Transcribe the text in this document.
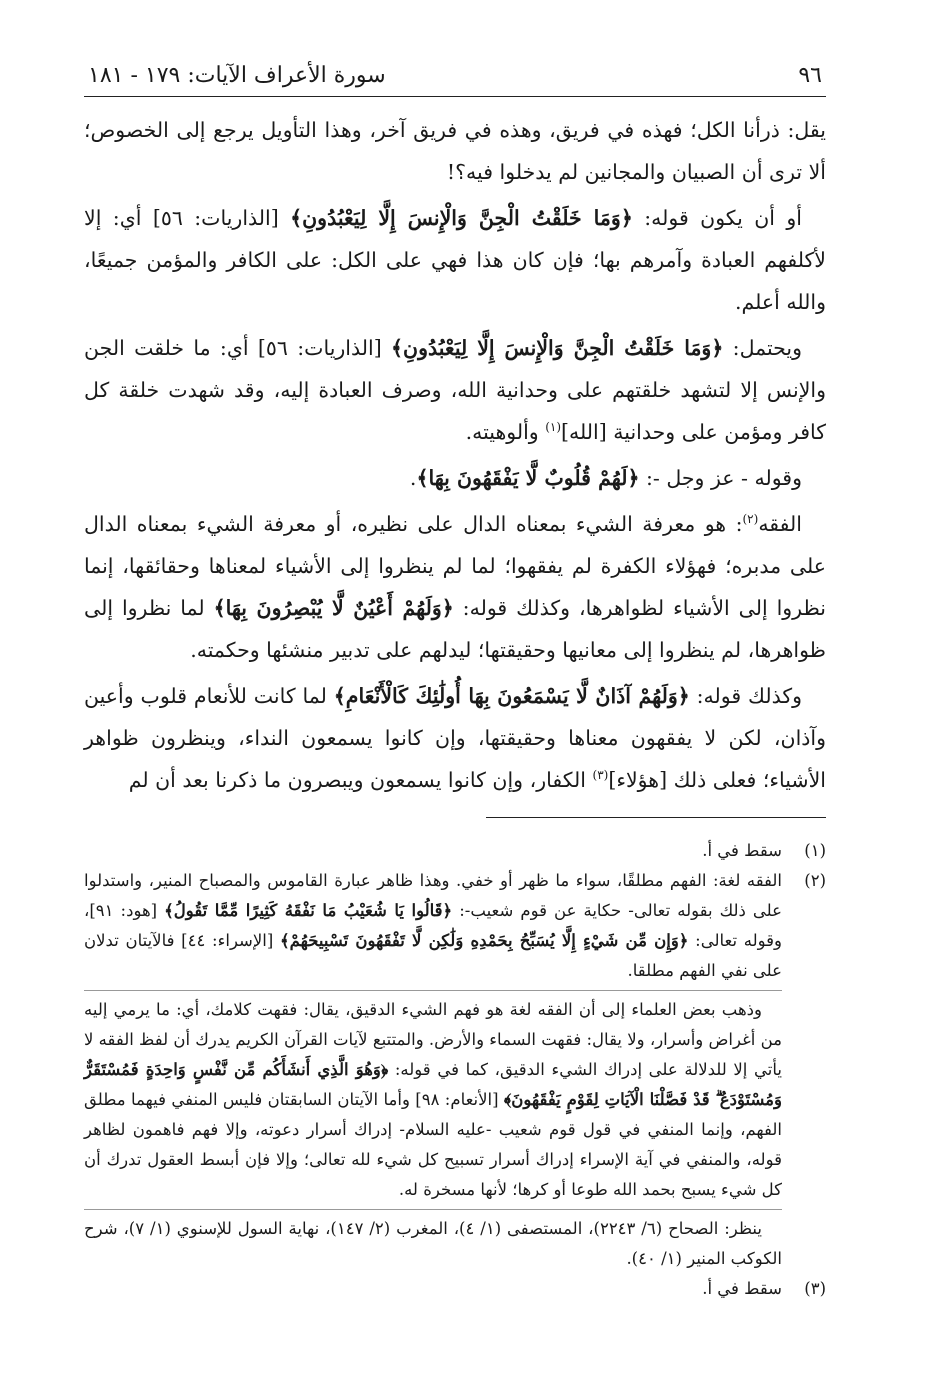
٩٦
سورة الأعراف الآيات: ١٧٩ - ١٨١

يقل: ذرأنا الكل؛ فهذه في فريق، وهذه في فريق آخر، وهذا التأويل يرجع إلى الخصوص؛ ألا ترى أن الصبيان والمجانين لم يدخلوا فيه؟!

أو أن يكون قوله: ﴿وَمَا خَلَقْتُ الْجِنَّ وَالْإِنسَ إِلَّا لِيَعْبُدُونِ﴾ [الذاريات: ٥٦] أي: إلا لأكلفهم العبادة وآمرهم بها؛ فإن كان هذا فهي على الكل: على الكافر والمؤمن جميعًا، والله أعلم.

ويحتمل: ﴿وَمَا خَلَقْتُ الْجِنَّ وَالْإِنسَ إِلَّا لِيَعْبُدُونِ﴾ [الذاريات: ٥٦] أي: ما خلقت الجن والإنس إلا لتشهد خلقتهم على وحدانية الله، وصرف العبادة إليه، وقد شهدت خلقة كل كافر ومؤمن على وحدانية [الله]$^{(١)}$ وألوهيته.

وقوله - عز وجل -: ﴿لَهُمْ قُلُوبٌ لَّا يَفْقَهُونَ بِهَا﴾.

الفقه$^{(٢)}$: هو معرفة الشيء بمعناه الدال على نظيره، أو معرفة الشيء بمعناه الدال على مدبره؛ فهؤلاء الكفرة لم يفقهوا؛ لما لم ينظروا إلى الأشياء لمعناها وحقائقها، إنما نظروا إلى الأشياء لظواهرها، وكذلك قوله: ﴿وَلَهُمْ أَعْيُنٌ لَّا يُبْصِرُونَ بِهَا﴾ لما نظروا إلى ظواهرها، لم ينظروا إلى معانيها وحقيقتها؛ ليدلهم على تدبير منشئها وحكمته.

وكذلك قوله: ﴿وَلَهُمْ آذَانٌ لَّا يَسْمَعُونَ بِهَا أُولَٰئِكَ كَالْأَنْعَامِ﴾ لما كانت للأنعام قلوب وأعين وآذان، لكن لا يفقهون معناها وحقيقتها، وإن كانوا يسمعون النداء، وينظرون ظواهر الأشياء؛ فعلى ذلك [هؤلاء]$^{(٣)}$ الكفار، وإن كانوا يسمعون ويبصرون ما ذكرنا بعد أن لم

(١)

سقط في أ.

(٢)

الفقه لغة: الفهم مطلقًا، سواء ما ظهر أو خفي. وهذا ظاهر عبارة القاموس والمصباح المنير، واستدلوا على ذلك بقوله تعالى- حكاية عن قوم شعيب-: ﴿قَالُوا يَا شُعَيْبُ مَا نَفْقَهُ كَثِيرًا مِّمَّا تَقُولُ﴾ [هود: ٩١]، وقوله تعالى: ﴿وَإِن مِّن شَيْءٍ إِلَّا يُسَبِّحُ بِحَمْدِهِ وَلَٰكِن لَّا تَفْقَهُونَ تَسْبِيحَهُمْ﴾ [الإسراء: ٤٤] فالآيتان تدلان على نفي الفهم مطلقا.

وذهب بعض العلماء إلى أن الفقه لغة هو فهم الشيء الدقيق، يقال: فقهت كلامك، أي: ما يرمي إليه من أغراض وأسرار، ولا يقال: فقهت السماء والأرض. والمتتبع لآيات القرآن الكريم يدرك أن لفظ الفقه لا يأتي إلا للدلالة على إدراك الشيء الدقيق، كما في قوله: ﴿وَهُوَ الَّذِي أَنشَأَكُم مِّن نَّفْسٍ وَاحِدَةٍ فَمُسْتَقَرٌّ وَمُسْتَوْدَعٌ ۗ قَدْ فَصَّلْنَا الْآيَاتِ لِقَوْمٍ يَفْقَهُونَ﴾ [الأنعام: ٩٨] وأما الآيتان السابقتان فليس المنفي فيهما مطلق الفهم، وإنما المنفي في قول قوم شعيب -عليه السلام- إدراك أسرار دعوته، وإلا فهم فاهمون لظاهر قوله، والمنفي في آية الإسراء إدراك أسرار تسبيح كل شيء لله تعالى؛ وإلا فإن أبسط العقول تدرك أن كل شيء يسبح بحمد الله طوعا أو كرها؛ لأنها مسخرة له.

ينظر: الصحاح (٦/ ٢٢٤٣)، المستصفى (١/ ٤)، المغرب (٢/ ١٤٧)، نهاية السول للإسنوي (١/ ٧)، شرح الكوكب المنير (١/ ٤٠).

(٣)

سقط في أ.
